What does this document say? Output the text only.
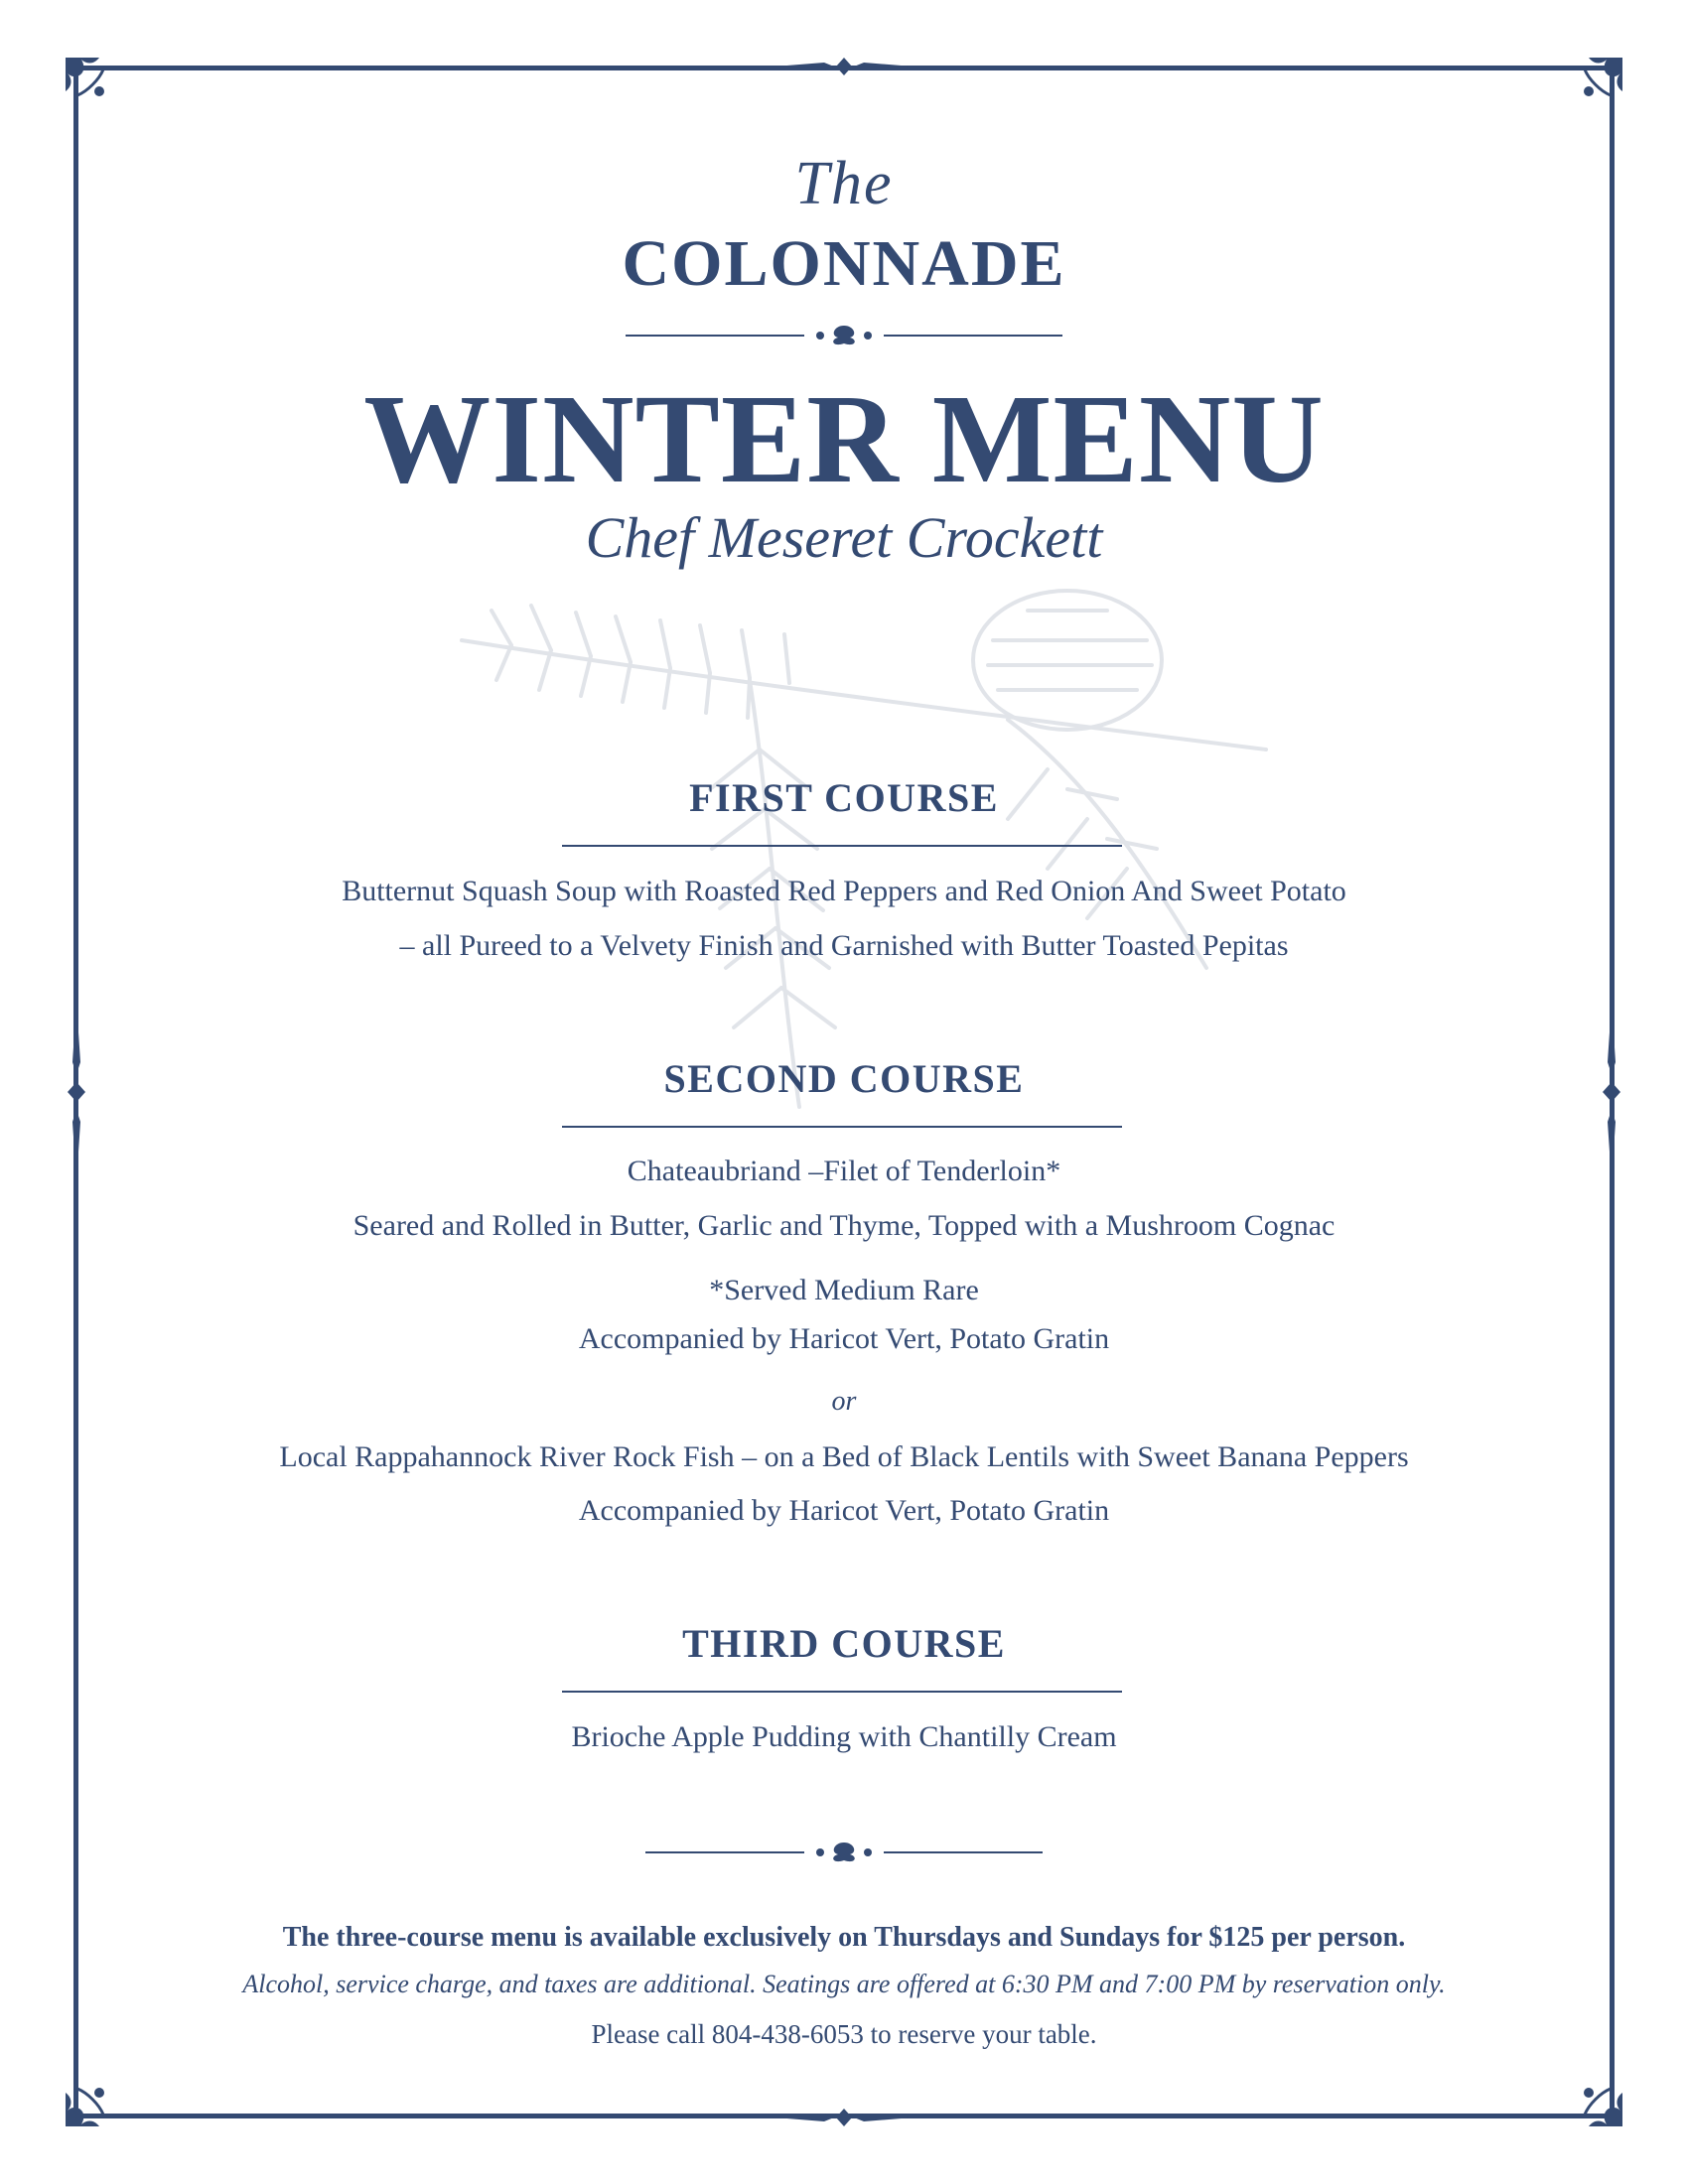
The
COLONNADE
WINTER MENU
Chef Meseret Crockett
FIRST COURSE
Butternut Squash Soup with Roasted Red Peppers and Red Onion And Sweet Potato
– all Pureed to a Velvety Finish and Garnished with Butter Toasted Pepitas
SECOND COURSE
Chateaubriand –Filet of Tenderloin*
Seared and Rolled in Butter, Garlic and Thyme, Topped with a Mushroom Cognac
*Served Medium Rare
Accompanied by Haricot Vert, Potato Gratin
or
Local Rappahannock River Rock Fish – on a Bed of Black Lentils with Sweet Banana Peppers
Accompanied by Haricot Vert, Potato Gratin
THIRD COURSE
Brioche Apple Pudding with Chantilly Cream
The three-course menu is available exclusively on Thursdays and Sundays for $125 per person.
Alcohol, service charge, and taxes are additional. Seatings are offered at 6:30 PM and 7:00 PM by reservation only.
Please call 804-438-6053 to reserve your table.
